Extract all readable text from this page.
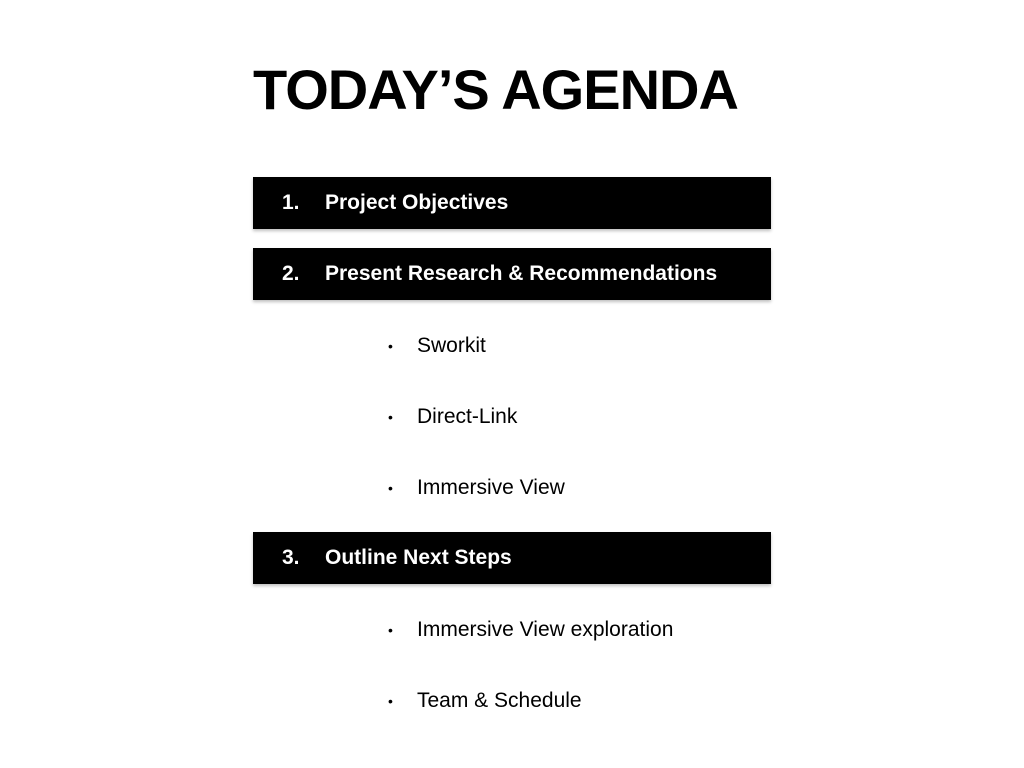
TODAY’S AGENDA
1.	Project Objectives
2.	Present Research & Recommendations
•	Sworkit
•	Direct-Link
•	Immersive View
3.	Outline Next Steps
•	Immersive View exploration
•	Team & Schedule
